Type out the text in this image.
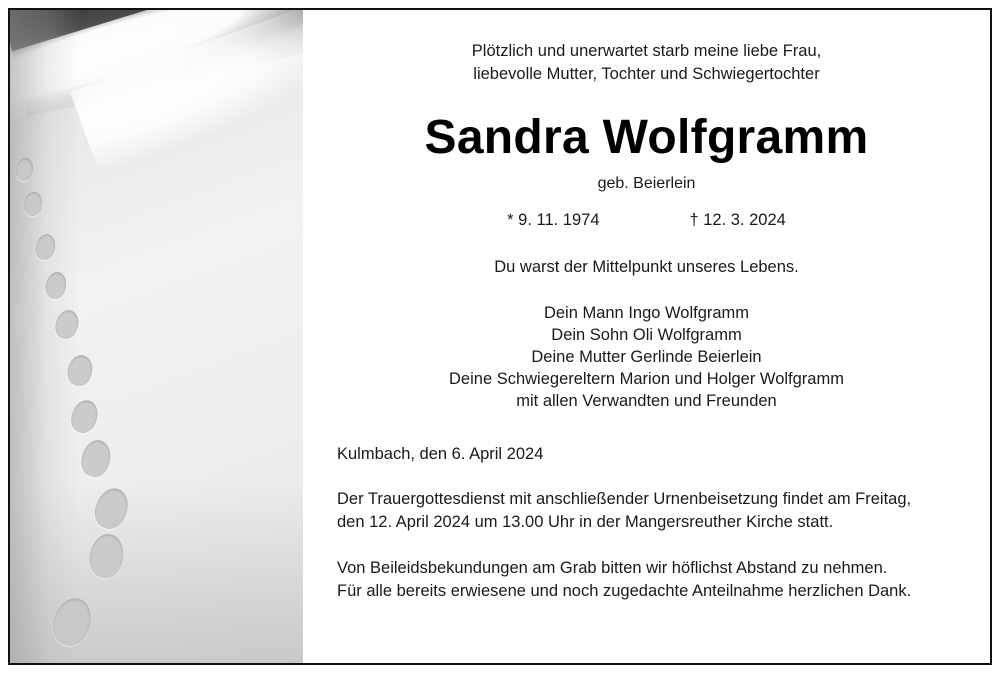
Plötzlich und unerwartet starb meine liebe Frau,
liebevolle Mutter, Tochter und Schwiegertochter
Sandra Wolfgramm
geb. Beierlein
* 9. 11. 1974	† 12. 3. 2024
Du warst der Mittelpunkt unseres Lebens.
Dein Mann Ingo Wolfgramm
Dein Sohn Oli Wolfgramm
Deine Mutter Gerlinde Beierlein
Deine Schwiegereltern Marion und Holger Wolfgramm
mit allen Verwandten und Freunden
Kulmbach, den 6. April 2024
Der Trauergottesdienst mit anschließender Urnenbeisetzung findet am Freitag,
den 12. April 2024 um 13.00 Uhr in der Mangersreuther Kirche statt.
Von Beileidsbekundungen am Grab bitten wir höflichst Abstand zu nehmen.
Für alle bereits erwiesene und noch zugedachte Anteilnahme herzlichen Dank.
